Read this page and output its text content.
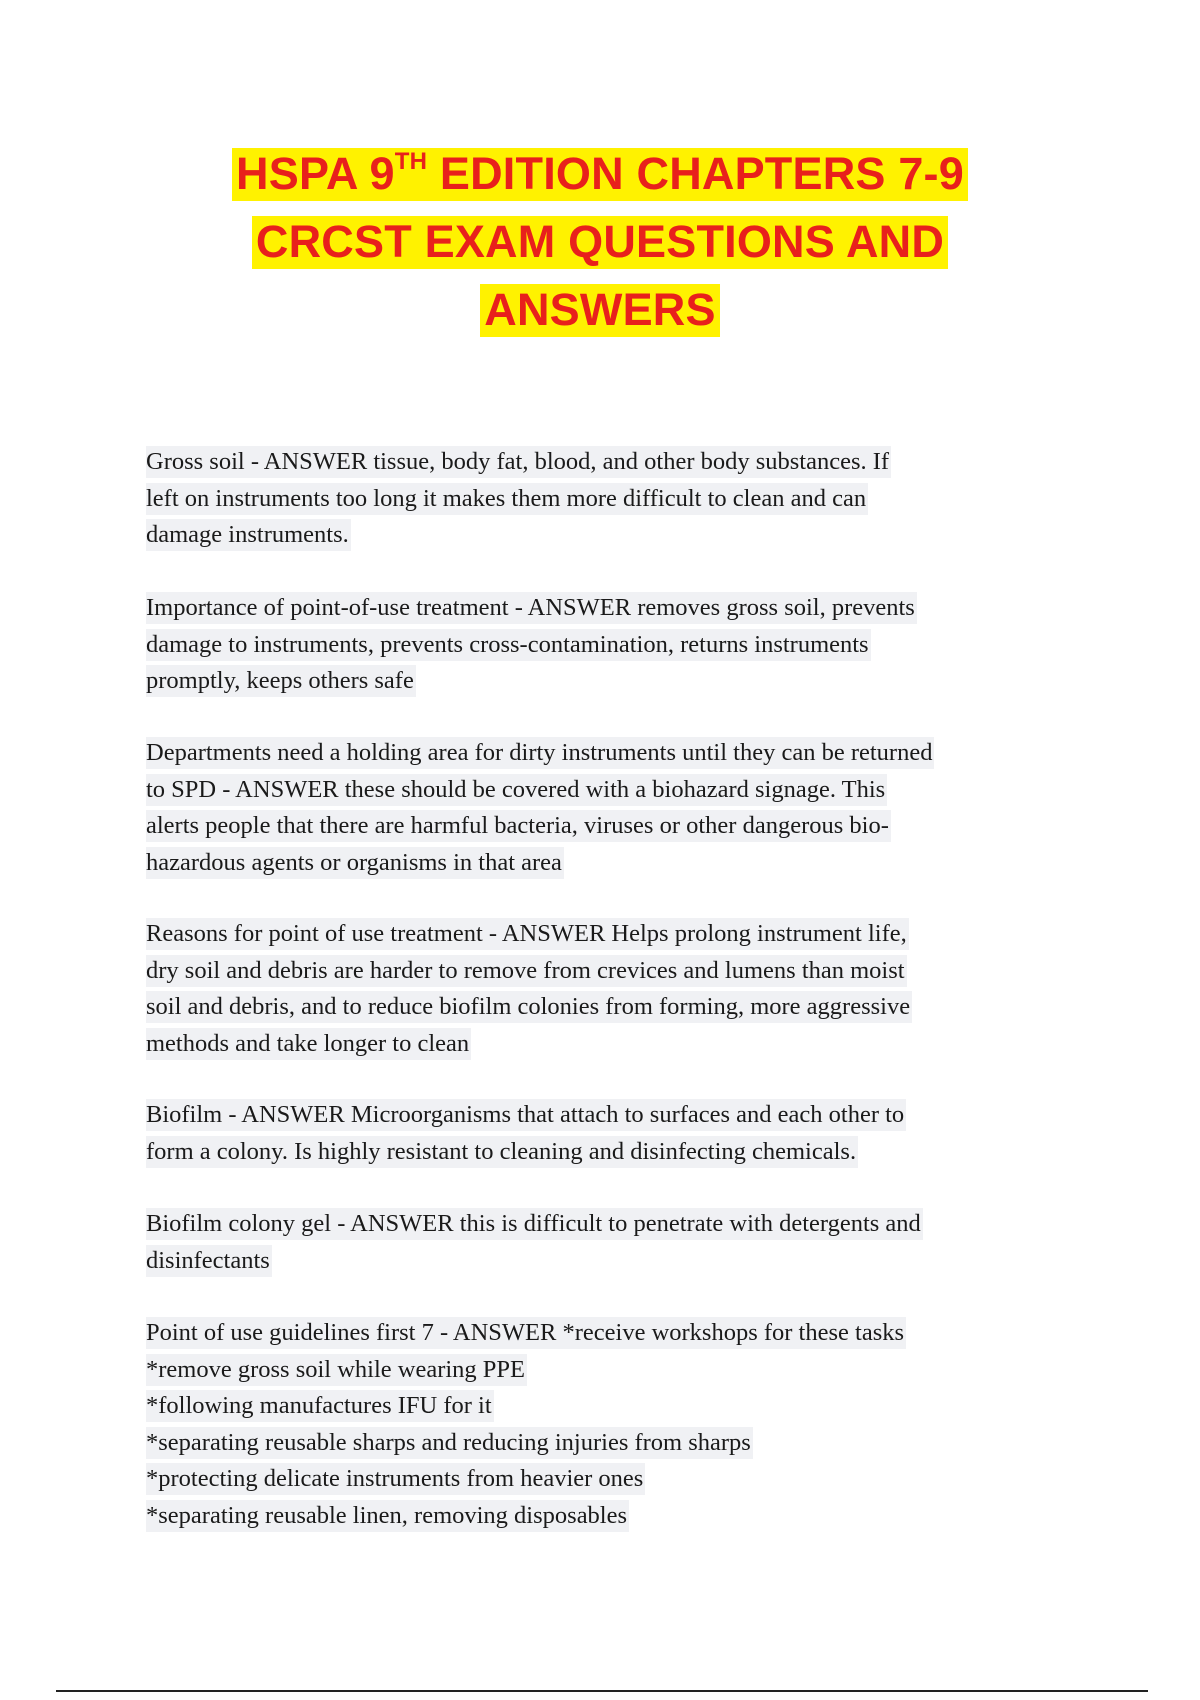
HSPA 9TH EDITION CHAPTERS 7-9
CRCST EXAM QUESTIONS AND
ANSWERS
Gross soil - ANSWER tissue, body fat, blood, and other body substances. If
left on instruments too long it makes them more difficult to clean and can
damage instruments.
Importance of point-of-use treatment - ANSWER removes gross soil, prevents
damage to instruments, prevents cross-contamination, returns instruments
promptly, keeps others safe
Departments need a holding area for dirty instruments until they can be returned
to SPD - ANSWER these should be covered with a biohazard signage. This
alerts people that there are harmful bacteria, viruses or other dangerous bio-
hazardous agents or organisms in that area
Reasons for point of use treatment - ANSWER Helps prolong instrument life,
dry soil and debris are harder to remove from crevices and lumens than moist
soil and debris, and to reduce biofilm colonies from forming, more aggressive
methods and take longer to clean
Biofilm - ANSWER Microorganisms that attach to surfaces and each other to
form a colony. Is highly resistant to cleaning and disinfecting chemicals.
Biofilm colony gel - ANSWER this is difficult to penetrate with detergents and
disinfectants
Point of use guidelines first 7 - ANSWER *receive workshops for these tasks
*remove gross soil while wearing PPE
*following manufactures IFU for it
*separating reusable sharps and reducing injuries from sharps
*protecting delicate instruments from heavier ones
*separating reusable linen, removing disposables
